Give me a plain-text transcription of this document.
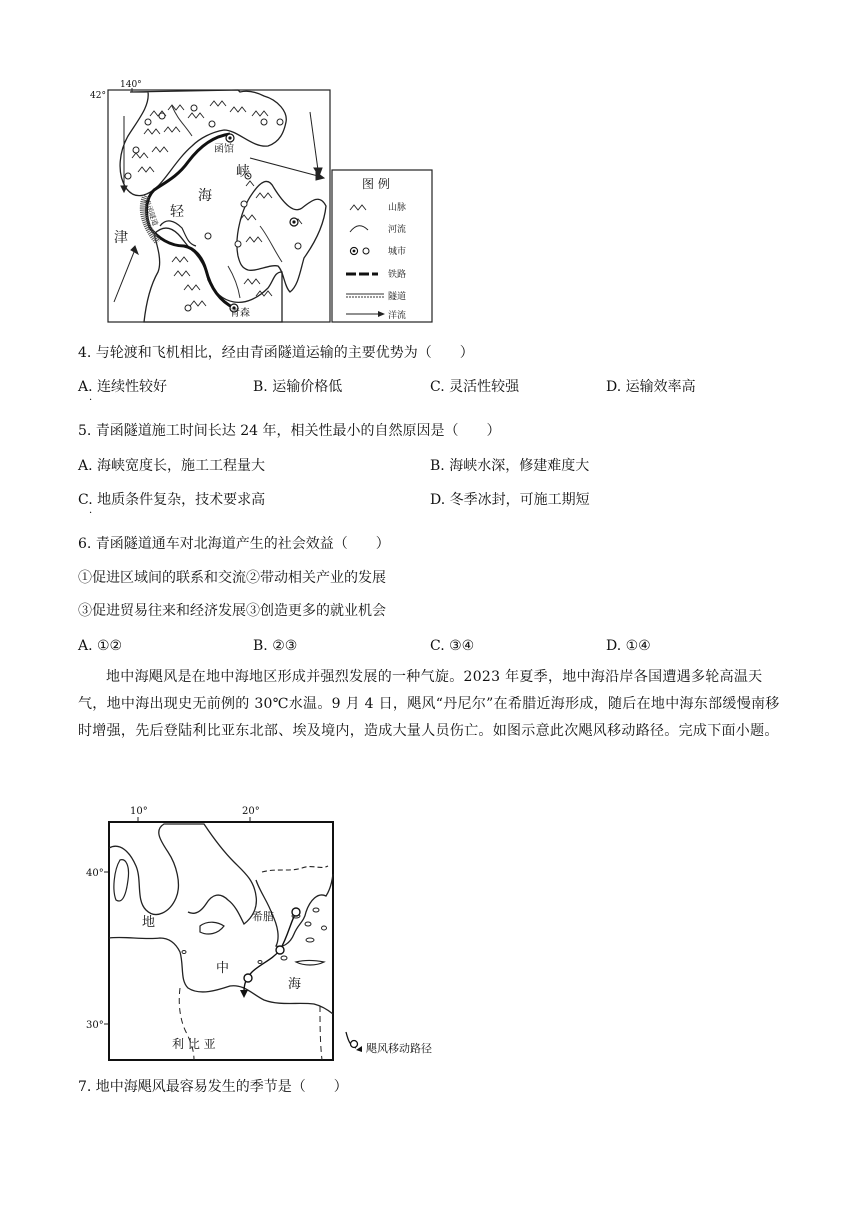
42°
140°
青函隧道
函馆
青森
峡
海
轻
津
图 例
山脉
河流
城市
铁路
隧道
洋流
4. 与轮渡和飞机相比，经由青函隧道运输的主要优势为（　　）
A. 连续性较好
·
B. 运输价格低	C. 灵活性较强	D. 运输效率高
5. 青函隧道施工时间长达 24 年，相关性最小的自然原因是（　　）
A. 海峡宽度长，施工工程量大	B. 海峡水深，修建难度大
C. 地质条件复杂，技术要求高
·
D. 冬季冰封，可施工期短
6. 青函隧道通车对北海道产生的社会效益（　　）
①促进区域间的联系和交流②带动相关产业的发展
③促进贸易往来和经济发展③创造更多的就业机会
A. ①②	B. ②③	C. ③④	D. ①④
地中海飓风是在地中海地区形成并强烈发展的一种气旋。2023 年夏季，地中海沿岸各国遭遇多轮高温天气，地中海出现史无前例的 30℃水温。9 月 4 日，飓风“丹尼尔”在希腊近海形成，随后在地中海东部缓慢南移时增强，先后登陆利比亚东北部、埃及境内，造成大量人员伤亡。如图示意此次飓风移动路径。完成下面小题。
10°	20°
40°
30°
地
中
海
希腊
利 比 亚	飓风移动路径
7. 地中海飓风最容易发生的季节是（　　）
